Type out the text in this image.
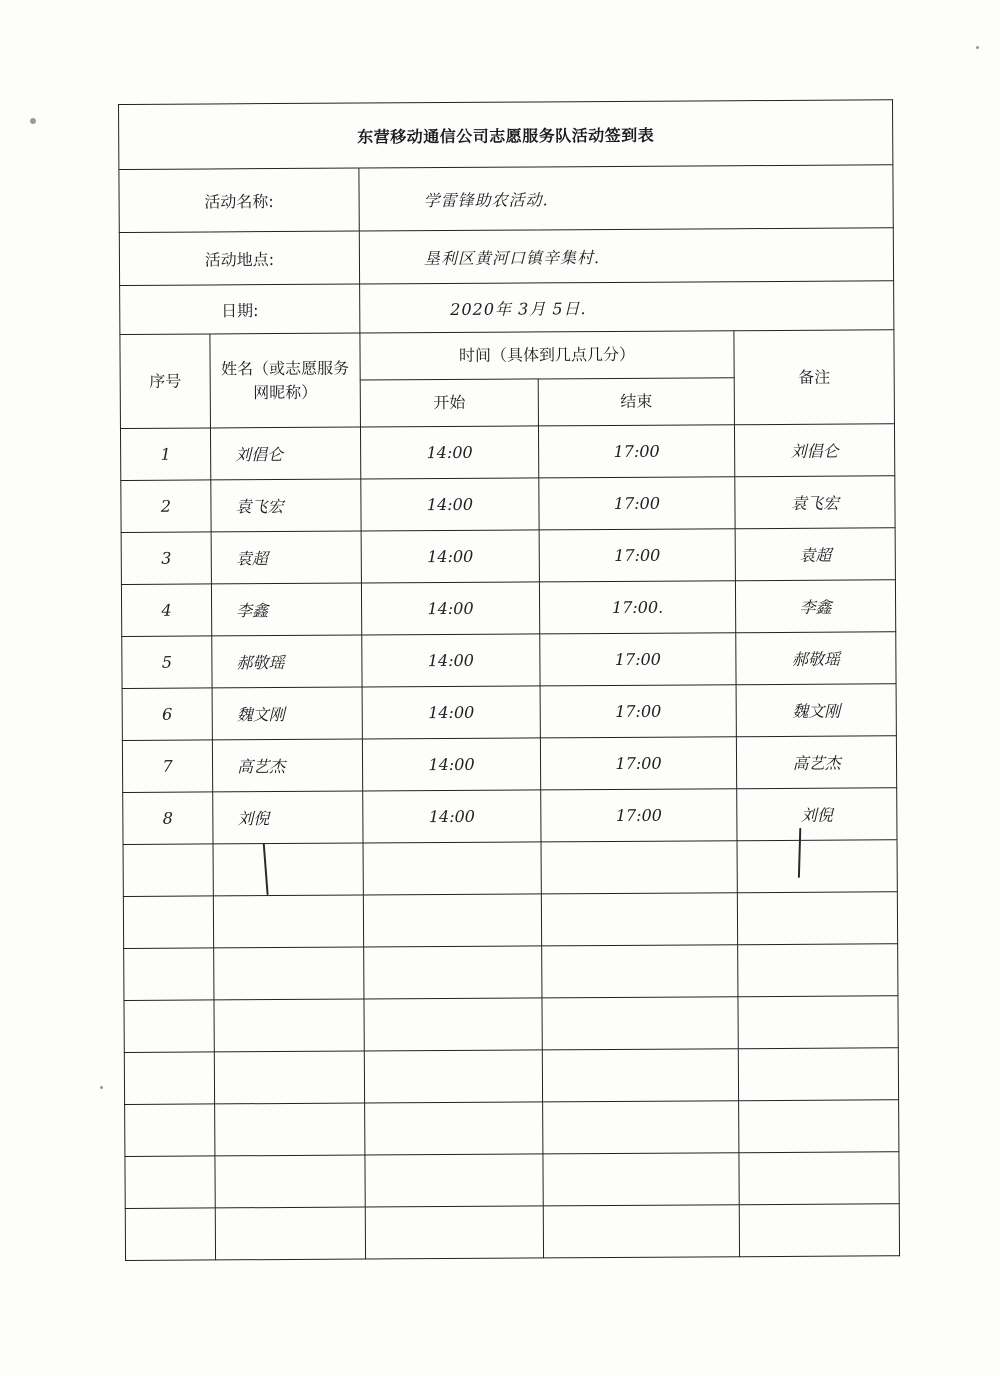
东营移动通信公司志愿服务队活动签到表				
活动名称:		学雷锋助农活动.		
活动地点:		垦利区黄河口镇辛集村.		
日期:		2020年 3月 5日.		
序号	姓名（或志愿服务网昵称）	时间（具体到几点几分）		备注
		开始	结束	
1	刘倡仑	14:00	17:00	刘倡仑
2	袁飞宏	14:00	17:00	袁飞宏
3	袁超	14:00	17:00	袁超
4	李鑫	14:00	17:00.	李鑫
5	郝敬瑶	14:00	17:00	郝敬瑶
6	魏文刚	14:00	17:00	魏文刚
7	高艺杰	14:00	17:00	高艺杰
8	刘倪	14:00	17:00	刘倪
